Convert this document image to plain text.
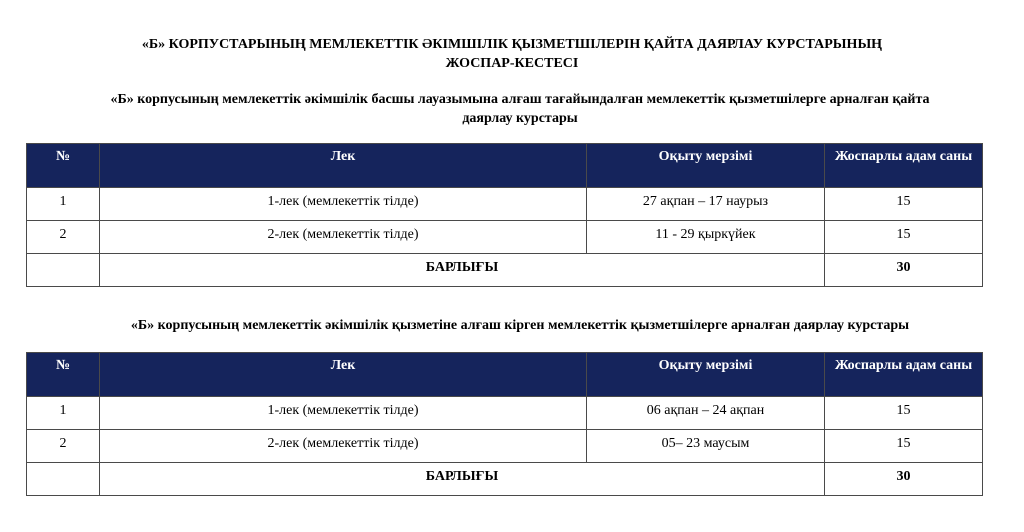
«Б» КОРПУСТАРЫНЫҢ МЕМЛЕКЕТТІК ӘКІМШІЛІК ҚЫЗМЕТШІЛЕРІН ҚАЙТА ДАЯРЛАУ КУРСТАРЫНЫҢ
ЖОСПАР-КЕСТЕСІ
«Б» корпусының мемлекеттік әкімшілік басшы лауазымына алғаш тағайындалған мемлекеттік қызметшілерге арналған қайта
даярлау курстары
№	Лек	Оқыту мерзімі	Жоспарлы адам саны
1	1-лек (мемлекеттік тілде)	27 ақпан – 17 наурыз	15
2	2-лек (мемлекеттік тілде)	11 - 29 қыркүйек	15
	БАРЛЫҒЫ		30
«Б» корпусының мемлекеттік әкімшілік қызметіне алғаш кірген мемлекеттік қызметшілерге арналған даярлау курстары
№	Лек	Оқыту мерзімі	Жоспарлы адам саны
1	1-лек (мемлекеттік тілде)	06 ақпан – 24 ақпан	15
2	2-лек (мемлекеттік тілде)	05– 23 маусым	15
	БАРЛЫҒЫ		30
